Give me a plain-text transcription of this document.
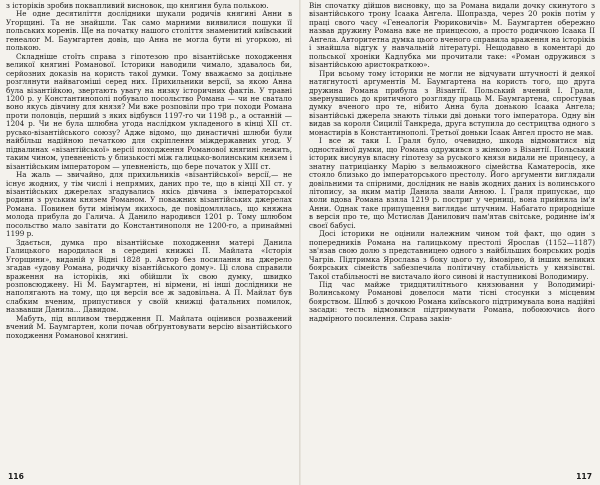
з історіків зробив поквапливий висновок, що княгиня була полькою.

Не одне десятиліття дослідники шукали родичів княгині Анни в Угорщині. Та не знайшли. Так само марними виявилися пошуки її польських коренів. Ще на початку нашого століття знаменитий київський генеалог М. Баумгартен довів, що Анна не могла бути ні угоркою, ні полькою.

Складніше стоїть справа з гіпотезою про візантійське походження великої княгині Романової. Історики наводили чимало, здавалось би, серйозних доказів на користь такої думки. Тому вважаємо за доцільне розглянути найвагоміші серед них. Прихильники версії, за якою Анна була візантійкою, звертають увагу на низку історичних фактів. У травні 1200 р. у Константинополі побувало посольство Романа — чи не сватало воно якусь дівчину для князя? Ми вже розповіли про три походи Романа проти половців, перший з яких відбувся 1197-го чи 1198 р., а останній — 1204 р. Чи не була шлюбна угода наслідком укладеного в кінці XII ст. русько-візантійського союзу? Адже відомо, що династичні шлюби були найбільш надійною печаткою для скріплення міждержавних угод. У підвалинах «візантійської» версії походження Романової княгині лежить, таким чином, упевненість у близькості між галицько-волинським князем і візантійським імператором — упевненість, що бере початок у XIII ст.

На жаль — звичайно, для прихильників «візантійської» версії,— не існує жодних, у тім числі і непрямих, даних про те, що в кінці XII ст. у візантійських джерелах згадувались якісь дівчина з імператорської родини з руським князем Романом. У поважних візантійських джерелах Романа. Повинен бути мінімум якихось, де повідомлялась, що княжна молода прибула до Галича. А Данило народився 1201 р. Тому шлюбом посольство мало завітати до Константинополя не 1200-го, а принаймні 1199 р.

Здається, думка про візантійське походження матері Данила Галицького народилася в середині книжкі П. Майлата «Історія Угорщини», виданій у Відні 1828 р. Автор без посилання на джерело згадав «удову Романа, родичку візантійського дому». Ці слова справили враження на історіків, які обійшли їх свою думку, швидко розповсюджену. Ні М. Баумгартен, ні вірмени, ні інші дослідники не наполягають на тому, що ця версія все ж задовільна. А П. Майлат був слабким вченим, припустився у своїй книжці фатальних помилок, назвавши Данила... Давидом.

Мабуть, під впливом твердження П. Майлата оцінився розважений вчений М. Баумгартен, коли почав обґрунтовувати версію візантійського походження Романової княгині.

116

Він спочатку дійшов висновку, що за Романа видали дочку скинутого з візантійського трону Ісаака Ангела. Шопразда, через 20 років потім у праці свого часу «Генеалогія Рюриковичів» М. Баумгартен обережно назвав дружину Романа вже не принцесою, а просто родичкою Ісаака II Ангела. Авторитетна думка цього вченого справила враження на історіків і знайшла відгук у навчальній літературі. Нещодавно в коментарі до польської хроніки Кадлубка ми прочитали таке: «Роман одружився з візантійською аристократкою».

При всьому тому історики не могли не відчувати штучності й деякої натягнутості аргументів М. Баумгартена на користь того, що друга дружина Романа прибула з Візантії. Польський вчений І. Граля, звернувшись до критичного розгляду праць М. Баумгартена, спростував думку вченого про те, нібито Анна була донькою Ісаака Ангела; візантійські джерела знають тільки дві доньки того імператора. Одну він видав за короля Сицилії Танкреда, друга вступила до сестрицтва одного з монастирів в Константинополі. Третьої доньки Ісаак Ангел просто не мав.

І все ж таки І. Граля було, очевидно, шкода відмовитися від одностайної думки, що Романа одружився з жінкою з Візантії. Польський історик висунув власну гіпотезу за руського князя видали не принцесу, а знатну патриціанку Марію з вельможного сімейства Каматеросів, яке стояло близько до імператорського престолу. Його аргументи виглядали довільними та спірними, дослідник не навів жодних даних із волинського літопису, за яким матір Данила звали Анною. І. Граля припускає, що коли вдова Романа взяла 1219 р. постриг у черниці, вона прийняла ім'я Анни. Однак таке припущення виглядає штучним. Набагато природніше в версія про те, що Мстислав Данилович пам'ятав світське, родинне ім'я своєї бабусі.

Досі історики не оцінили належним чином той факт, що один з попередників Романа на галицькому престолі Ярослав (1152—1187) зв'язав свою долю з представницею одного з найбільших боярських родів Чагрів. Підтримка Ярослава з боку цього ту, ймовірно, й інших великих боярських сімейств забезпечила політичну стабільність у князівстві. Такої стабільності не вистачало його синові й наступникові Володимиру.

Під час майже тридцятилітнього князювання у Володимирі-Волинському Романові довелося мати тісні стосунки з місцевим боярством. Шлюб з дочкою Романа київського підтримувала вона надійні засади: тесть відмовився підтримувати Романа, побоюючись його надмірного посилення. Справа закін-

117
